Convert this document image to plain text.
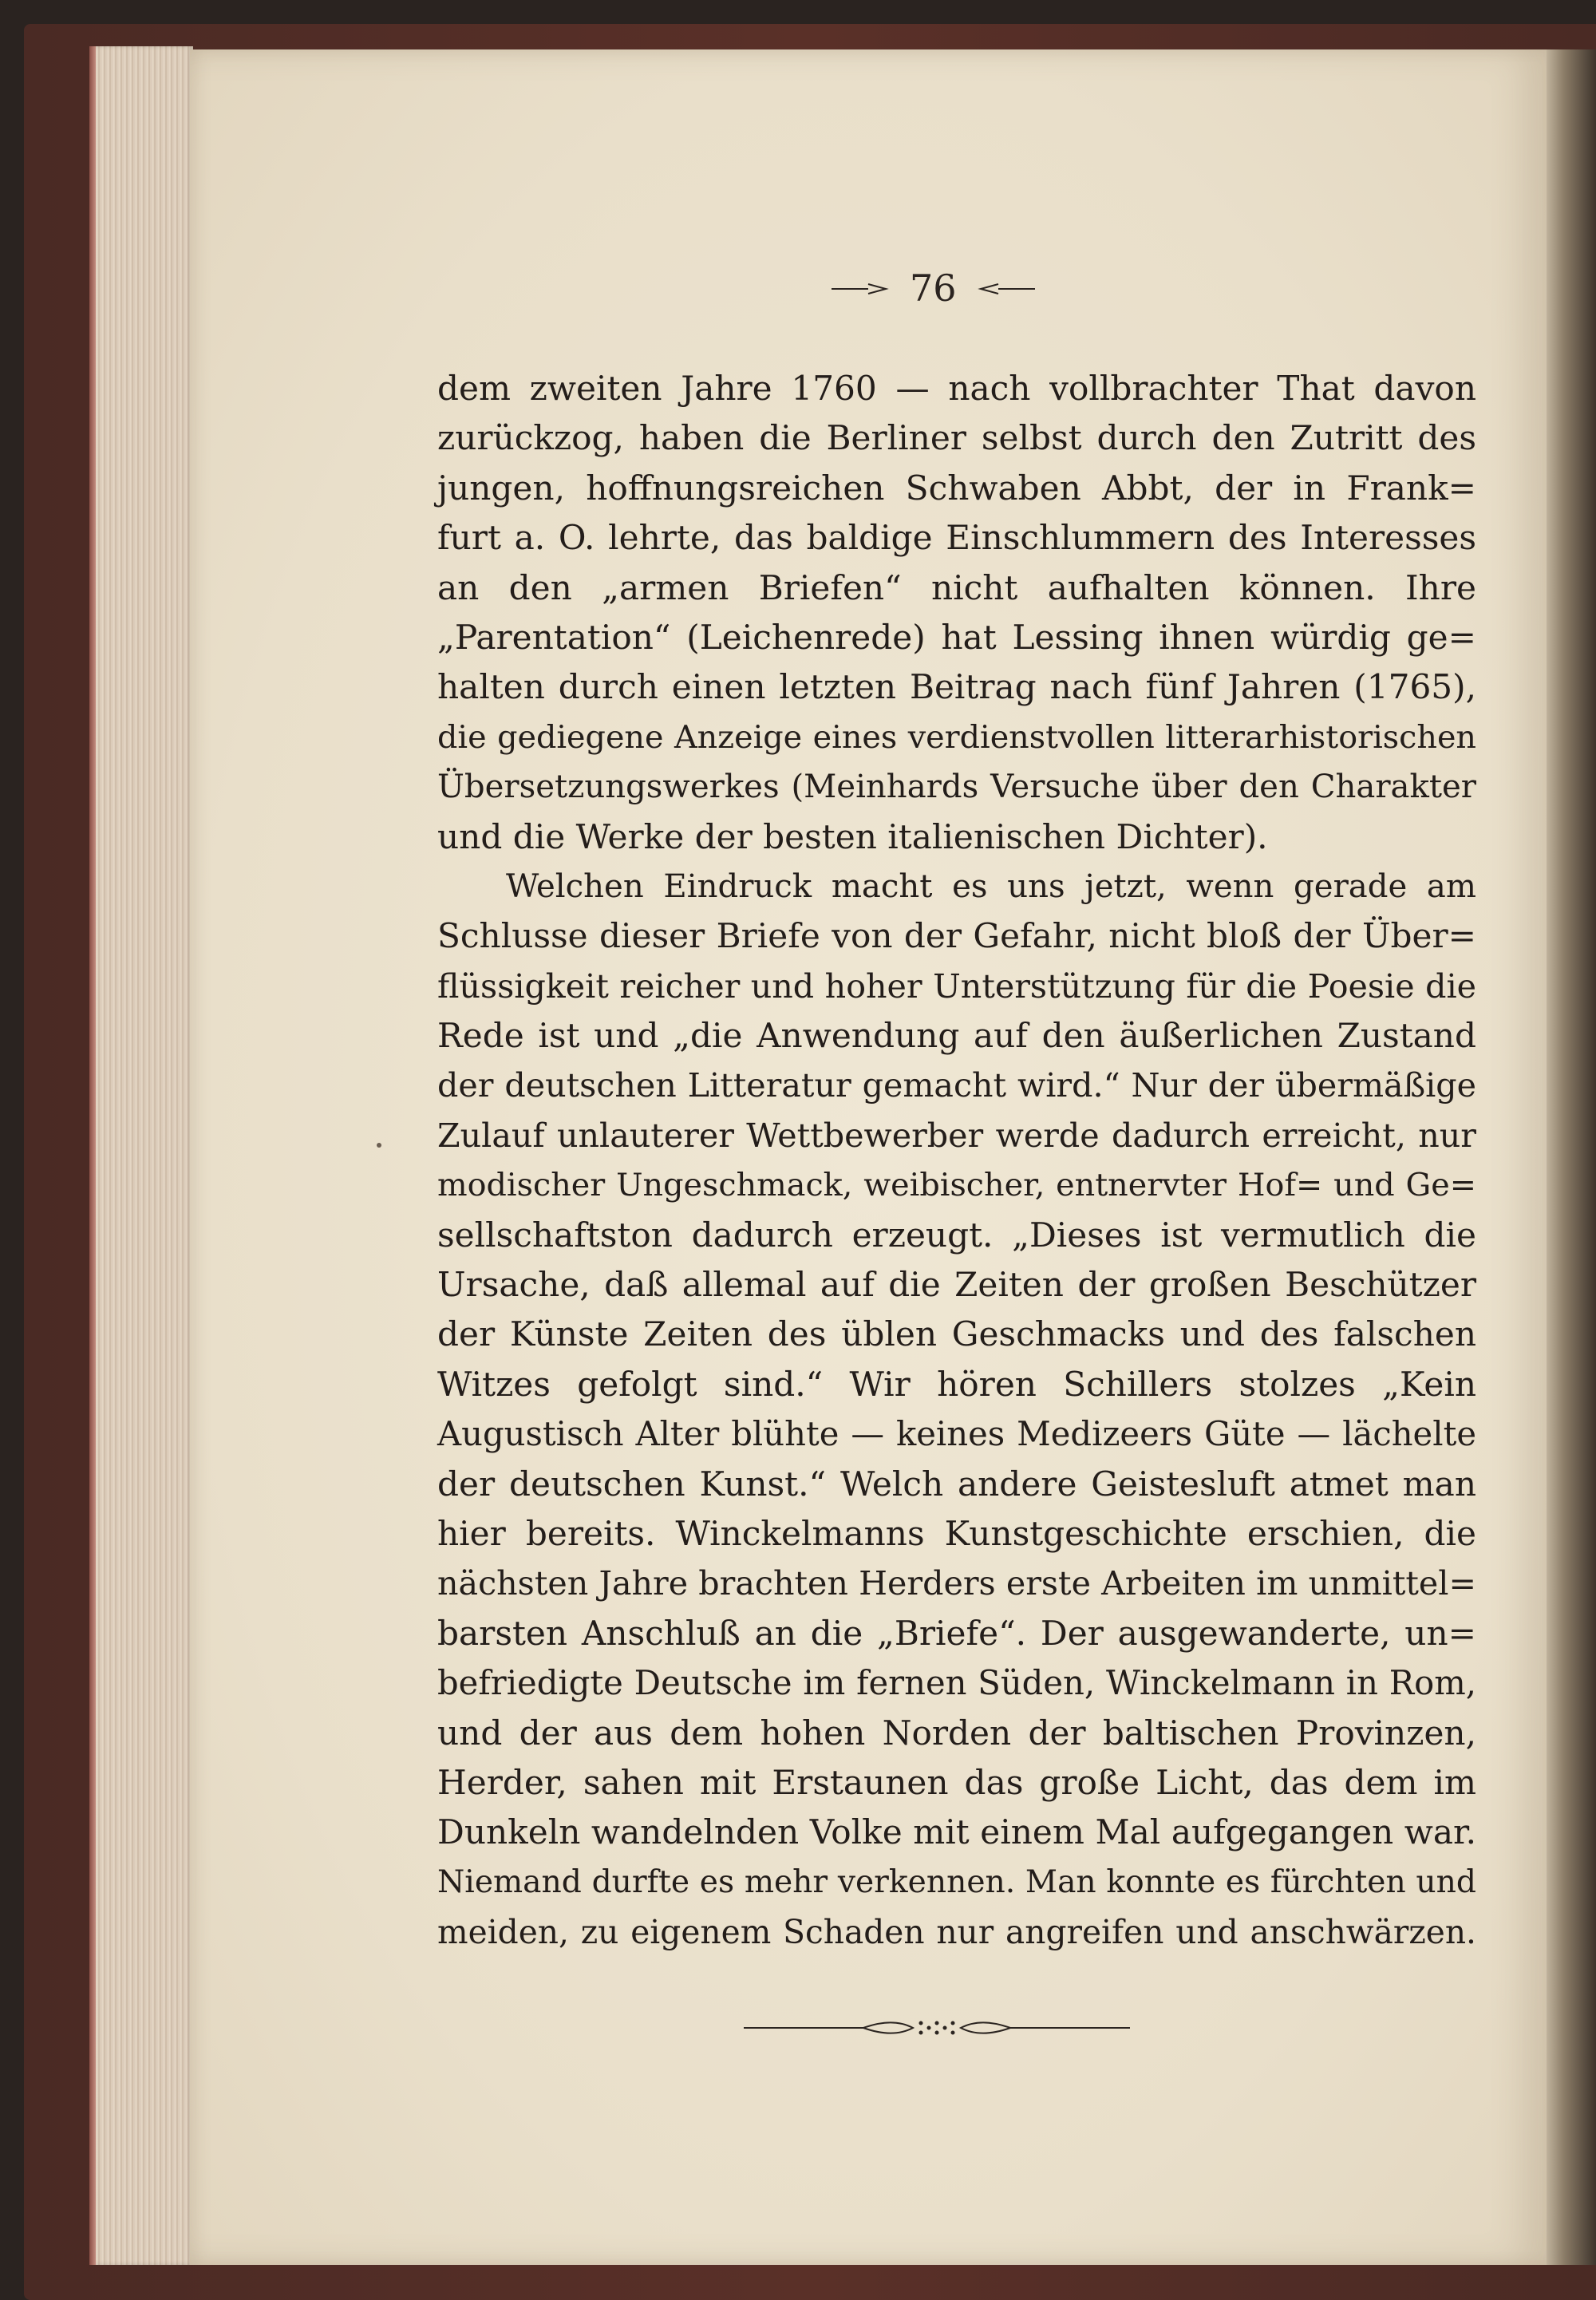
76
dem zweiten Jahre 1760 — nach vollbrachter That davon
zurückzog, haben die Berliner selbst durch den Zutritt des
jungen, hoffnungsreichen Schwaben Abbt, der in Frank=
furt a. O. lehrte, das baldige Einschlummern des Interesses
an den „armen Briefen“ nicht aufhalten können. Ihre
„Parentation“ (Leichenrede) hat Lessing ihnen würdig ge=
halten durch einen letzten Beitrag nach fünf Jahren (1765),
die gediegene Anzeige eines verdienstvollen litterarhistorischen
Übersetzungswerkes (Meinhards Versuche über den Charakter
und die Werke der besten italienischen Dichter).
Welchen Eindruck macht es uns jetzt, wenn gerade am
Schlusse dieser Briefe von der Gefahr, nicht bloß der Über=
flüssigkeit reicher und hoher Unterstützung für die Poesie die
Rede ist und „die Anwendung auf den äußerlichen Zustand
der deutschen Litteratur gemacht wird.“ Nur der übermäßige
Zulauf unlauterer Wettbewerber werde dadurch erreicht, nur
modischer Ungeschmack, weibischer, entnervter Hof= und Ge=
sellschaftston dadurch erzeugt. „Dieses ist vermutlich die
Ursache, daß allemal auf die Zeiten der großen Beschützer
der Künste Zeiten des üblen Geschmacks und des falschen
Witzes gefolgt sind.“ Wir hören Schillers stolzes „Kein
Augustisch Alter blühte — keines Medizeers Güte — lächelte
der deutschen Kunst.“ Welch andere Geistesluft atmet man
hier bereits. Winckelmanns Kunstgeschichte erschien, die
nächsten Jahre brachten Herders erste Arbeiten im unmittel=
barsten Anschluß an die „Briefe“. Der ausgewanderte, un=
befriedigte Deutsche im fernen Süden, Winckelmann in Rom,
und der aus dem hohen Norden der baltischen Provinzen,
Herder, sahen mit Erstaunen das große Licht, das dem im
Dunkeln wandelnden Volke mit einem Mal aufgegangen war.
Niemand durfte es mehr verkennen. Man konnte es fürchten und
meiden, zu eigenem Schaden nur angreifen und anschwärzen.
